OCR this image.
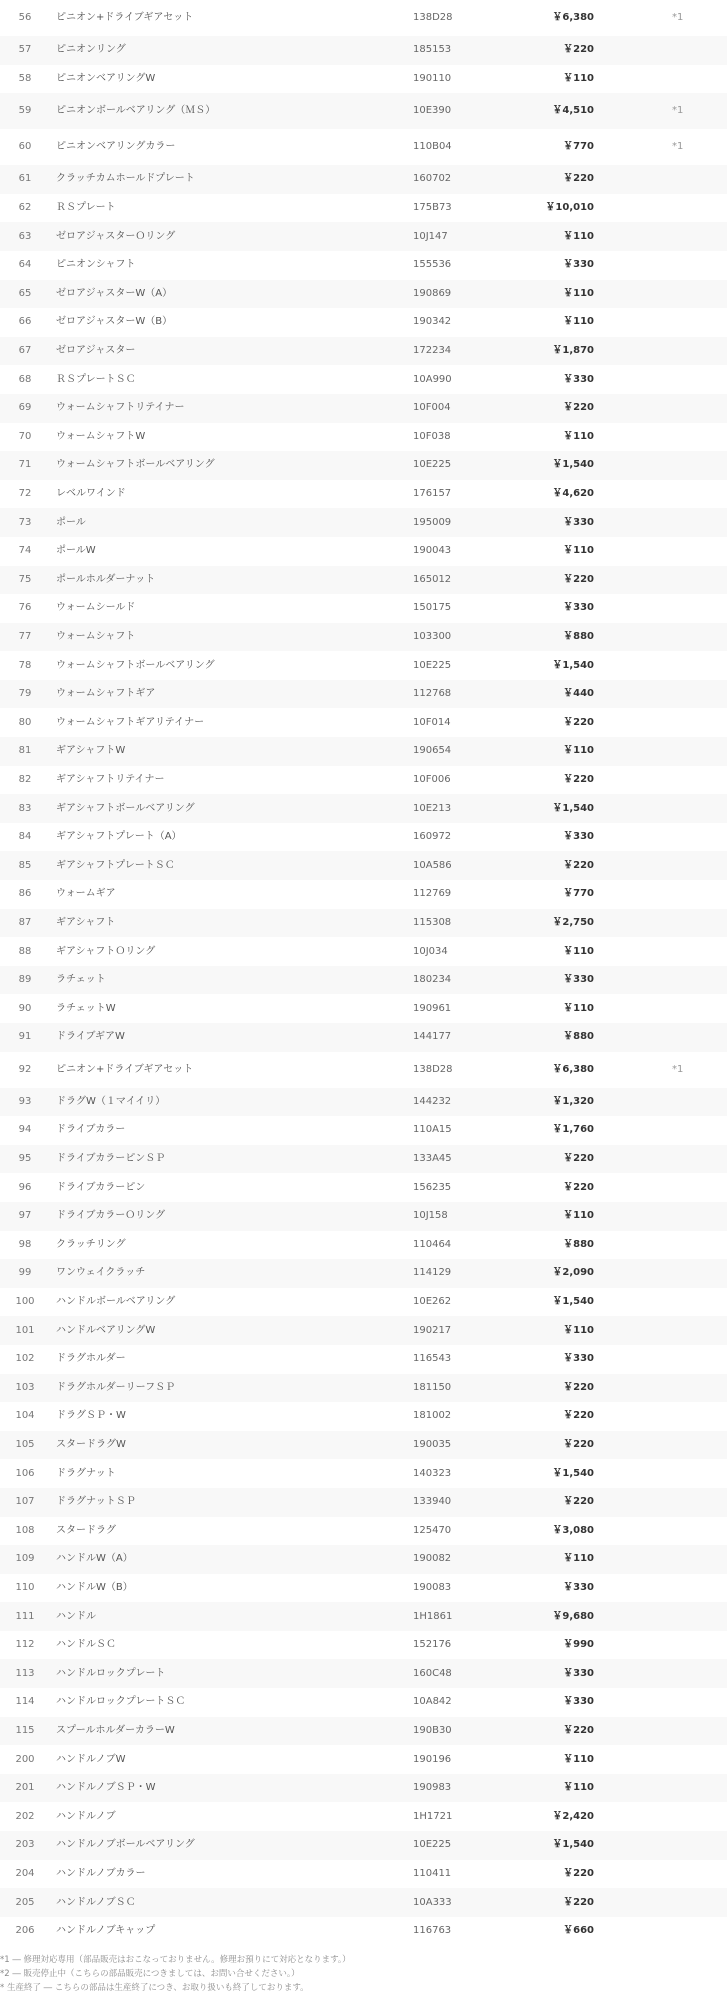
56	ピニオン+ドライブギアセット	138D28	￥6,380	*1
57	ピニオンリング	185153	￥220
58	ピニオンベアリングW	190110	￥110
59	ピニオンボールベアリング（ＭＳ）	10E390	￥4,510	*1
60	ピニオンベアリングカラー	110B04	￥770	*1
61	クラッチカムホールドプレート	160702	￥220
62	ＲＳプレート	175B73	￥10,010
63	ゼロアジャスターＯリング	10J147	￥110
64	ピニオンシャフト	155536	￥330
65	ゼロアジャスターW（A）	190869	￥110
66	ゼロアジャスターW（B）	190342	￥110
67	ゼロアジャスター	172234	￥1,870
68	ＲＳプレートＳＣ	10A990	￥330
69	ウォームシャフトリテイナー	10F004	￥220
70	ウォームシャフトW	10F038	￥110
71	ウォームシャフトボールベアリング	10E225	￥1,540
72	レベルワインド	176157	￥4,620
73	ポール	195009	￥330
74	ポールW	190043	￥110
75	ポールホルダーナット	165012	￥220
76	ウォームシールド	150175	￥330
77	ウォームシャフト	103300	￥880
78	ウォームシャフトボールベアリング	10E225	￥1,540
79	ウォームシャフトギア	112768	￥440
80	ウォームシャフトギアリテイナー	10F014	￥220
81	ギアシャフトW	190654	￥110
82	ギアシャフトリテイナー	10F006	￥220
83	ギアシャフトボールベアリング	10E213	￥1,540
84	ギアシャフトプレート（A）	160972	￥330
85	ギアシャフトプレートＳＣ	10A586	￥220
86	ウォームギア	112769	￥770
87	ギアシャフト	115308	￥2,750
88	ギアシャフトＯリング	10J034	￥110
89	ラチェット	180234	￥330
90	ラチェットW	190961	￥110
91	ドライブギアW	144177	￥880
92	ピニオン+ドライブギアセット	138D28	￥6,380	*1
93	ドラグW（１マイイリ）	144232	￥1,320
94	ドライブカラー	110A15	￥1,760
95	ドライブカラーピンＳＰ	133A45	￥220
96	ドライブカラーピン	156235	￥220
97	ドライブカラーＯリング	10J158	￥110
98	クラッチリング	110464	￥880
99	ワンウェイクラッチ	114129	￥2,090
100	ハンドルボールベアリング	10E262	￥1,540
101	ハンドルベアリングW	190217	￥110
102	ドラグホルダー	116543	￥330
103	ドラグホルダーリーフＳＰ	181150	￥220
104	ドラグＳＰ・W	181002	￥220
105	スタードラグW	190035	￥220
106	ドラグナット	140323	￥1,540
107	ドラグナットＳＰ	133940	￥220
108	スタードラグ	125470	￥3,080
109	ハンドルW（A）	190082	￥110
110	ハンドルW（B）	190083	￥330
111	ハンドル	1H1861	￥9,680
112	ハンドルＳＣ	152176	￥990
113	ハンドルロックプレート	160C48	￥330
114	ハンドルロックプレートＳＣ	10A842	￥330
115	スプールホルダーカラーW	190B30	￥220
200	ハンドルノブW	190196	￥110
201	ハンドルノブＳＰ・W	190983	￥110
202	ハンドルノブ	1H1721	￥2,420
203	ハンドルノブボールベアリング	10E225	￥1,540
204	ハンドルノブカラー	110411	￥220
205	ハンドルノブＳＣ	10A333	￥220
206	ハンドルノブキャップ	116763	￥660
*1 ― 修理対応専用（部品販売はおこなっておりません。修理お預りにて対応となります。）
*2 ― 販売停止中（こちらの部品販売につきましては、お問い合せください。）
* 生産終了 ― こちらの部品は生産終了につき、お取り扱いも終了しております。
